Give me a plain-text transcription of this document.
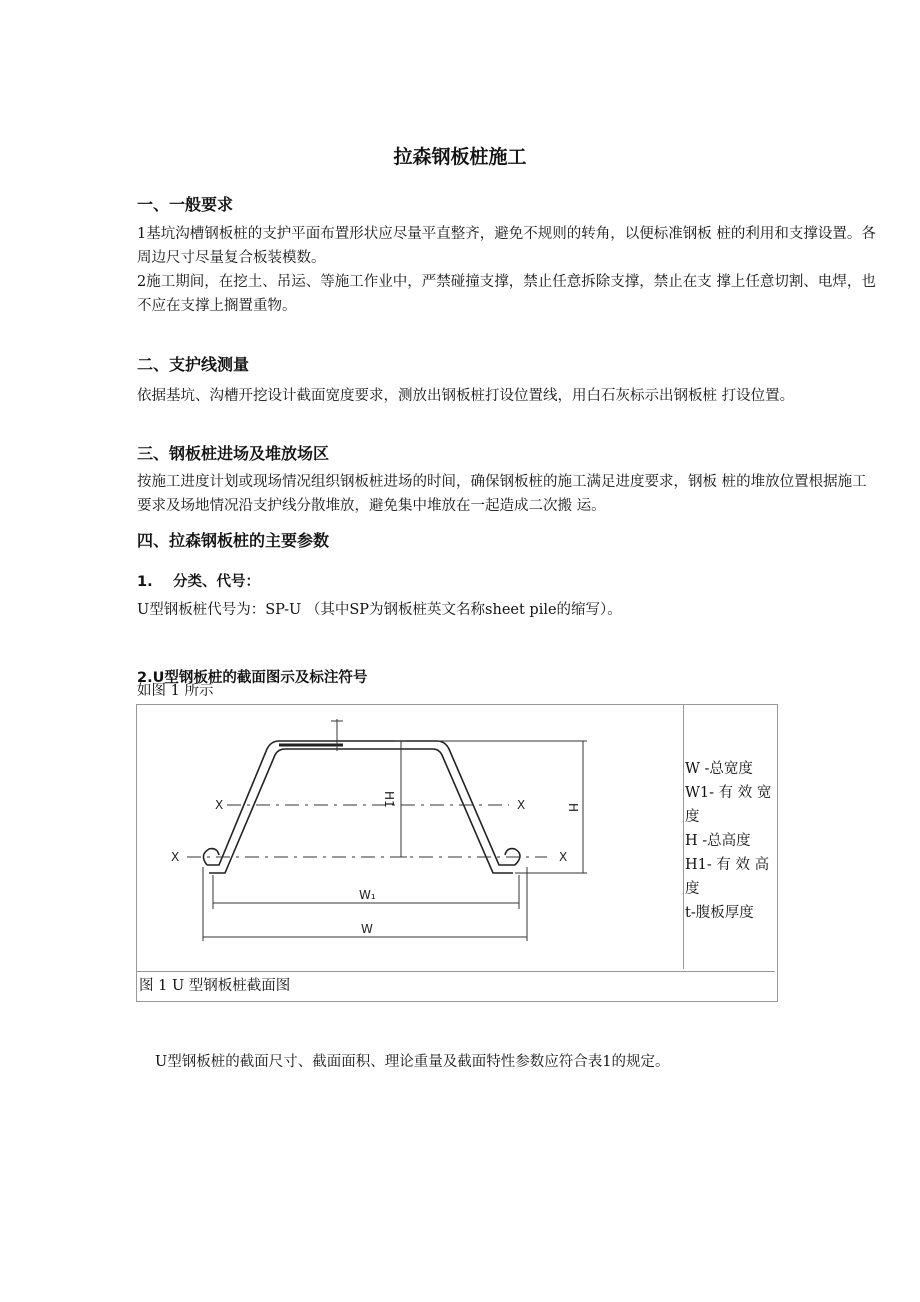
拉森钢板桩施工
一、一般要求
1基坑沟槽钢板桩的支护平面布置形状应尽量平直整齐，避免不规则的转角，以便标准钢板 桩的利用和支撑设置。各周边尺寸尽量复合板装模数。
2施工期间，在挖土、吊运、等施工作业中，严禁碰撞支撑，禁止任意拆除支撑，禁止在支 撑上任意切割、电焊，也不应在支撑上搁置重物。
二、支护线测量
依据基坑、沟槽开挖设计截面宽度要求，测放出钢板桩打设位置线，用白石灰标示出钢板桩 打设位置。
三、钢板桩进场及堆放场区
按施工进度计划或现场情况组织钢板桩进场的时间，确保钢板桩的施工满足进度要求，钢板 桩的堆放位置根据施工要求及场地情况沿支护线分散堆放，避免集中堆放在一起造成二次搬 运。
四、拉森钢板桩的主要参数
1. 分类、代号：
U型钢板桩代号为：SP-U （其中SP为钢板桩英文名称sheet pile的缩写）。
2.U型钢板桩的截面图示及标注符号
如图 1 所示
X	X
X	X
H
H1
W₁
W
W -总宽度
W1- 有 效 宽 度
H -总高度
H1- 有 效 高 度
t-腹板厚度
图 1 U 型钢板桩截面图
U型钢板桩的截面尺寸、截面面积、理论重量及截面特性参数应符合表1的规定。
